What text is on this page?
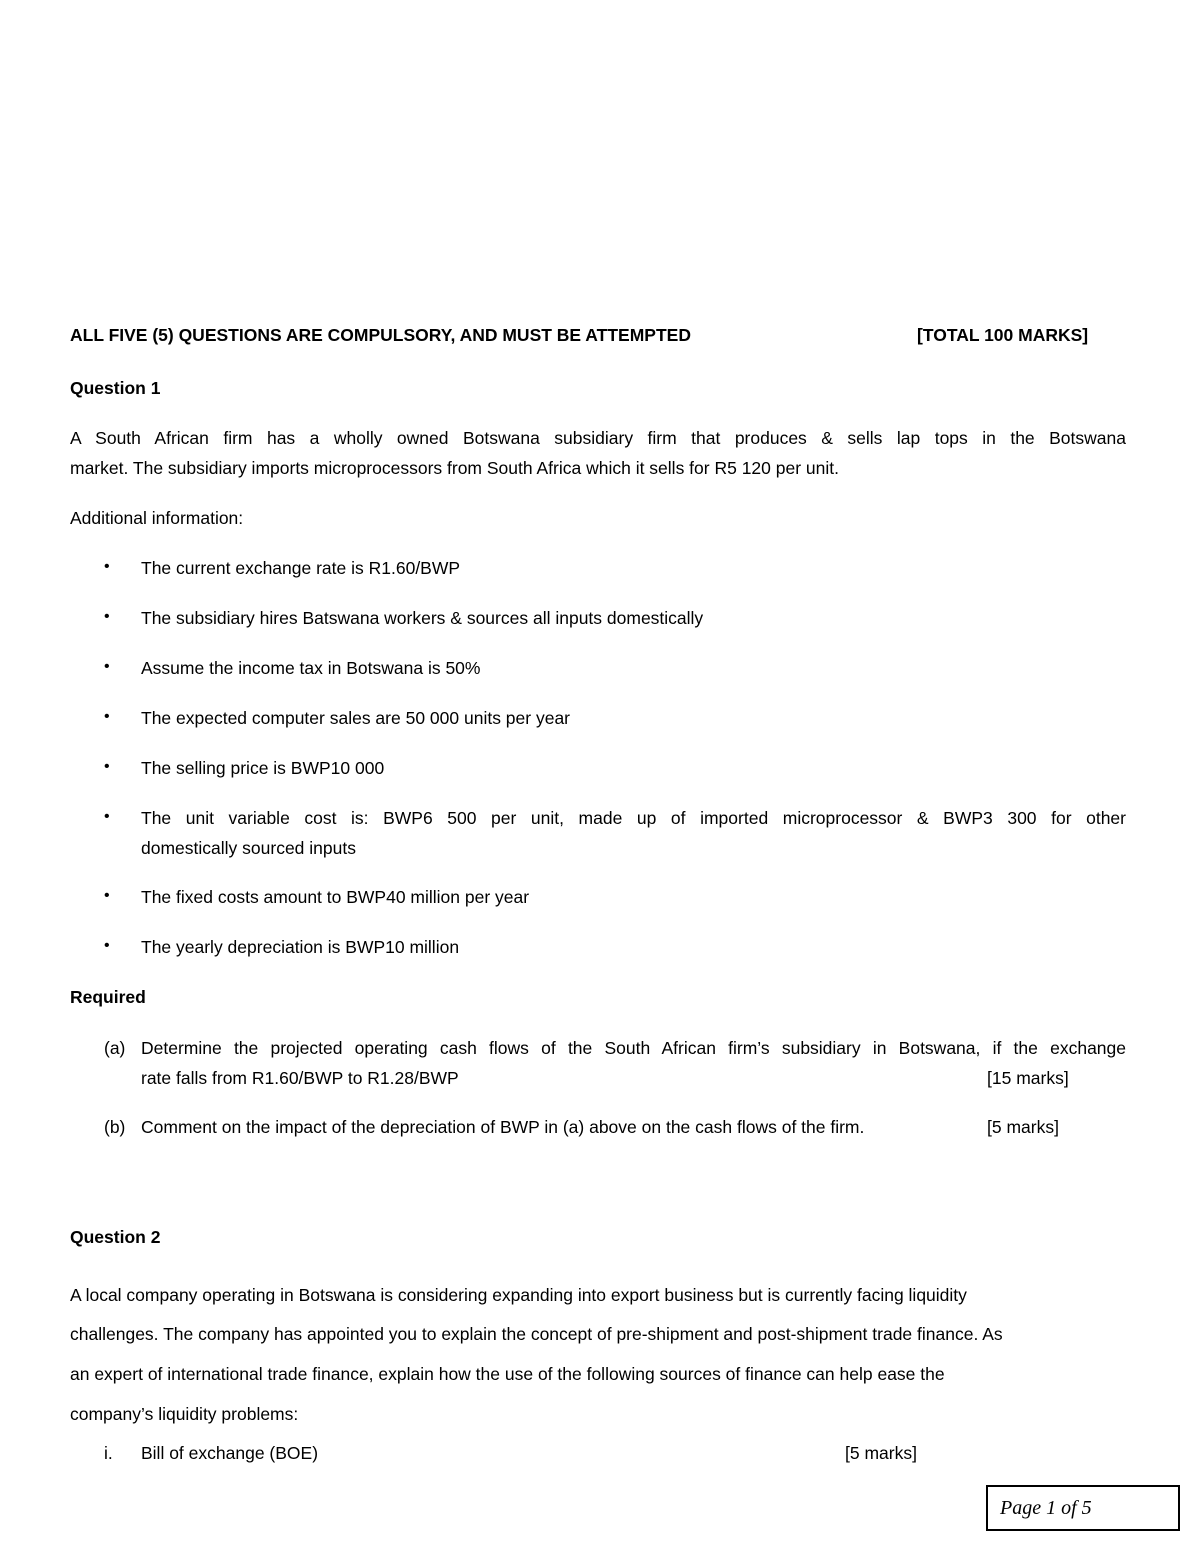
ALL FIVE (5) QUESTIONS ARE COMPULSORY, AND MUST BE ATTEMPTED	[TOTAL 100 MARKS]
Question 1
A South African firm has a wholly owned Botswana subsidiary firm that produces & sells lap tops in the Botswana
market. The subsidiary imports microprocessors from South Africa which it sells for R5 120 per unit.
Additional information:
• The current exchange rate is R1.60/BWP
• The subsidiary hires Batswana workers & sources all inputs domestically
• Assume the income tax in Botswana is 50%
• The expected computer sales are 50 000 units per year
• The selling price is BWP10 000
• The unit variable cost is: BWP6 500 per unit, made up of imported microprocessor & BWP3 300 for other
domestically sourced inputs
• The fixed costs amount to BWP40 million per year
• The yearly depreciation is BWP10 million
Required
(a) Determine the projected operating cash flows of the South African firm’s subsidiary in Botswana, if the exchange
rate falls from R1.60/BWP to R1.28/BWP	[15 marks]
(b) Comment on the impact of the depreciation of BWP in (a) above on the cash flows of the firm.	[5 marks]
Question 2
A local company operating in Botswana is considering expanding into export business but is currently facing liquidity
challenges. The company has appointed you to explain the concept of pre-shipment and post-shipment trade finance. As
an expert of international trade finance, explain how the use of the following sources of finance can help ease the
company’s liquidity problems:
i. Bill of exchange (BOE)	[5 marks]
Page 1 of 5
